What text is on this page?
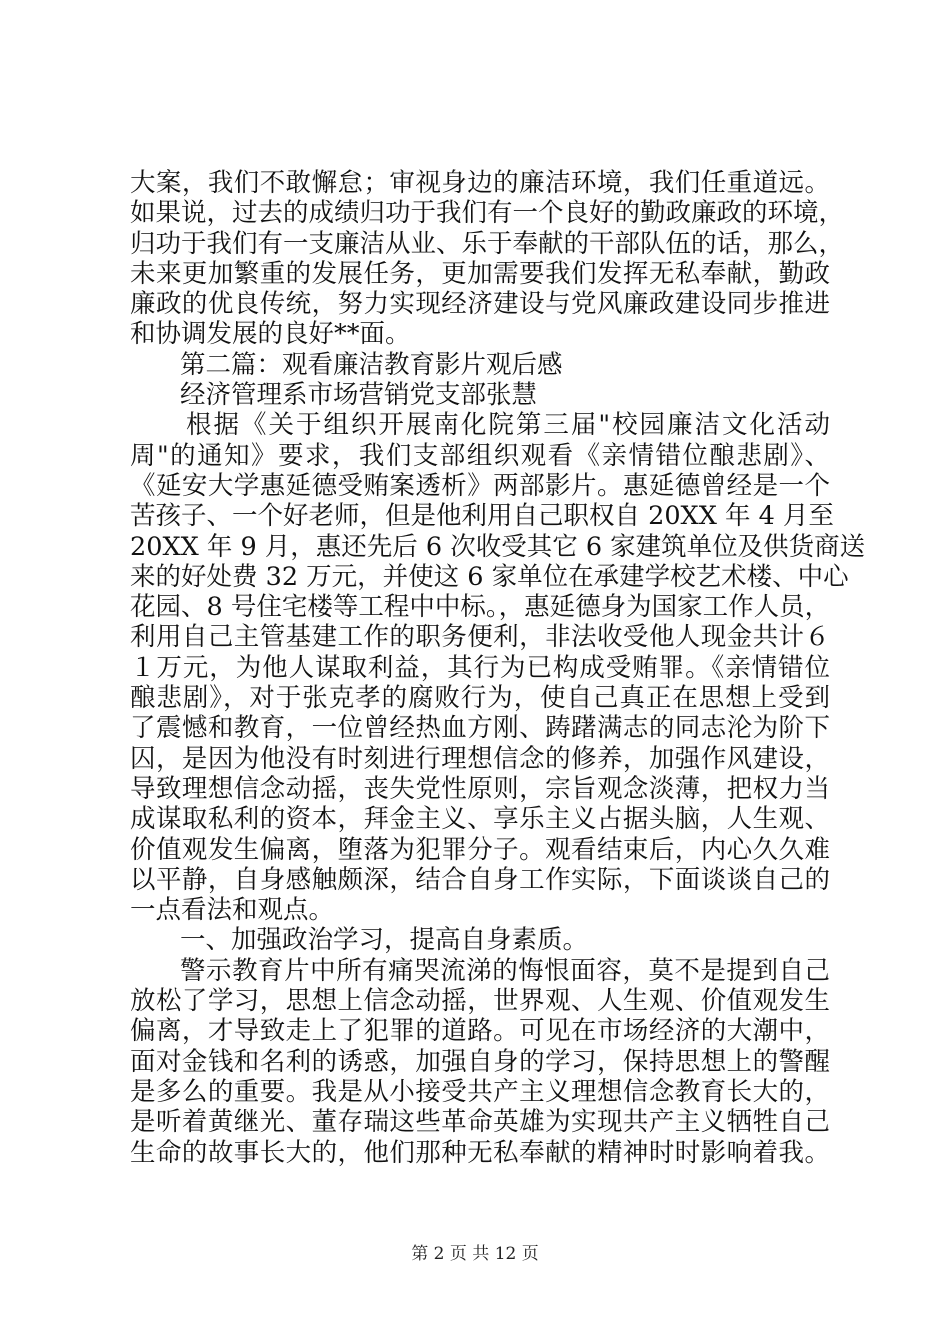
大案，我们不敢懈怠；审视身边的廉洁环境，我们任重道远。
如果说，过去的成绩归功于我们有一个良好的勤政廉政的环境，
归功于我们有一支廉洁从业、乐于奉献的干部队伍的话，那么，
未来更加繁重的发展任务，更加需要我们发挥无私奉献，勤政
廉政的优良传统，努力实现经济建设与党风廉政建设同步推进
和协调发展的良好**面。
第二篇：观看廉洁教育影片观后感
经济管理系市场营销党支部张慧
根据《关于组织开展南化院第三届"校园廉洁文化活动
周"的通知》要求，我们支部组织观看《亲情错位酿悲剧》、
《延安大学惠延德受贿案透析》两部影片。惠延德曾经是一个
苦孩子、一个好老师，但是他利用自己职权自 20XX 年 4 月至
20XX 年 9 月，惠还先后 6 次收受其它 6 家建筑单位及供货商送
来的好处费 32 万元，并使这 6 家单位在承建学校艺术楼、中心
花园、8 号住宅楼等工程中中标。，惠延德身为国家工作人员，
利用自己主管基建工作的职务便利，非法收受他人现金共计６
１万元，为他人谋取利益，其行为已构成受贿罪。《亲情错位
酿悲剧》，对于张克孝的腐败行为，使自己真正在思想上受到
了震憾和教育，一位曾经热血方刚、踌躇满志的同志沦为阶下
囚，是因为他没有时刻进行理想信念的修养，加强作风建设，
导致理想信念动摇，丧失党性原则，宗旨观念淡薄，把权力当
成谋取私利的资本，拜金主义、享乐主义占据头脑，人生观、
价值观发生偏离，堕落为犯罪分子。观看结束后，内心久久难
以平静，自身感触颇深，结合自身工作实际，下面谈谈自己的
一点看法和观点。
一、加强政治学习，提高自身素质。
警示教育片中所有痛哭流涕的悔恨面容，莫不是提到自己
放松了学习，思想上信念动摇，世界观、人生观、价值观发生
偏离，才导致走上了犯罪的道路。可见在市场经济的大潮中，
面对金钱和名利的诱惑，加强自身的学习，保持思想上的警醒
是多么的重要。我是从小接受共产主义理想信念教育长大的，
是听着黄继光、董存瑞这些革命英雄为实现共产主义牺牲自己
生命的故事长大的，他们那种无私奉献的精神时时影响着我。
第 2 页 共 12 页
